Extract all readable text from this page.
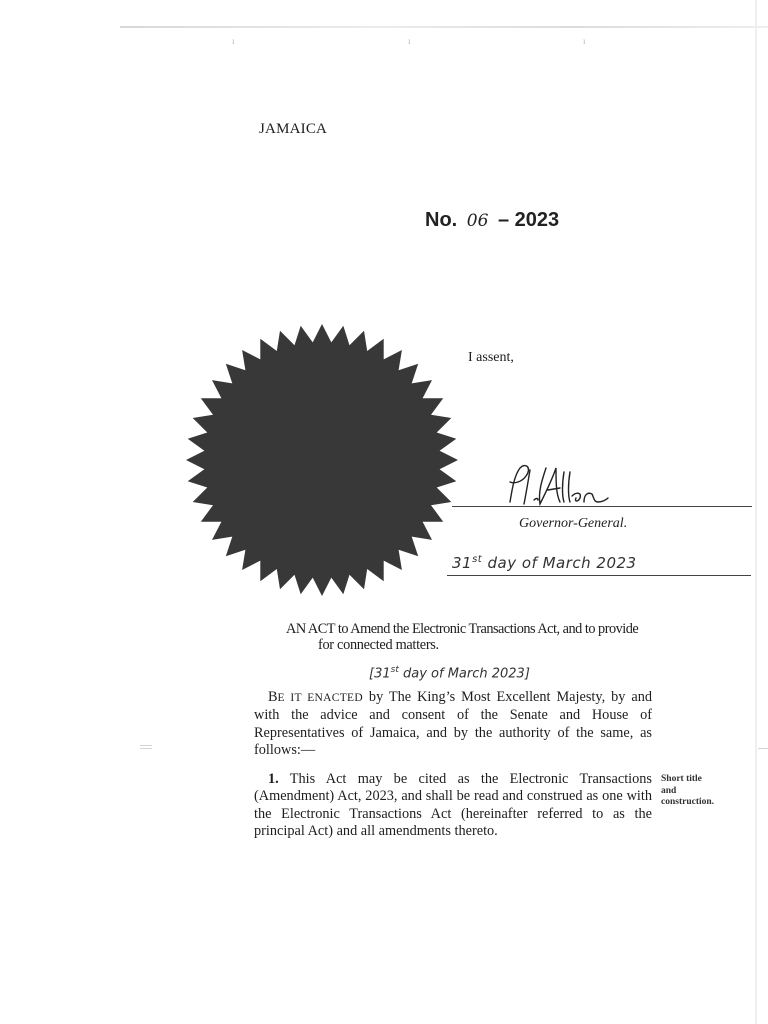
ı	ı	ı
JAMAICA
No. 06 – 2023
I assent,
Governor-General.
31st day of March 2023
AN ACT to Amend the Electronic Transactions Act, and to provide
for connected matters.
[31st day of March 2023]
BE IT ENACTED by The King’s Most Excellent Majesty, by and with the advice and consent of the Senate and House of Representatives of Jamaica, and by the authority of the same, as follows:—
1. This Act may be cited as the Electronic Transactions (Amendment) Act, 2023, and shall be read and construed as one with the Electronic Transactions Act (hereinafter referred to as the principal Act) and all amendments thereto.
Short title
and
construction.
